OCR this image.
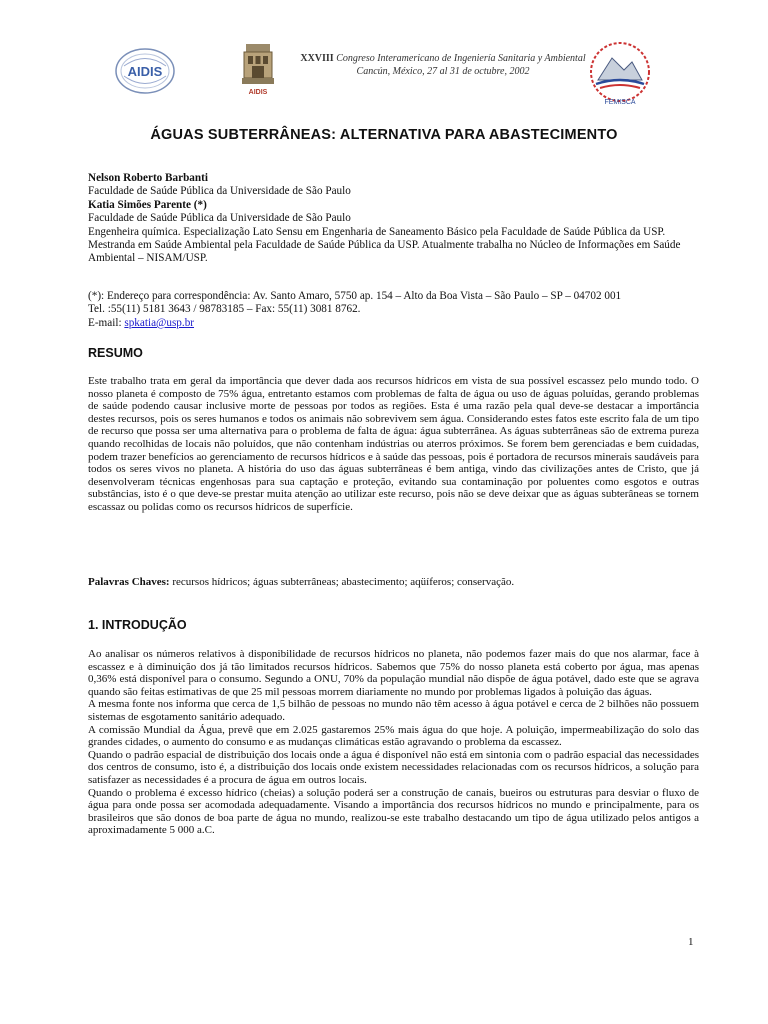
AIDIS
AIDIS
XXVIII Congreso Interamericano de Ingeniería Sanitaria y Ambiental
Cancún, México, 27 al 31 de octubre, 2002
FEMISCA
ÁGUAS SUBTERRÂNEAS: ALTERNATIVA PARA ABASTECIMENTO
Nelson Roberto Barbanti
Faculdade de Saúde Pública da Universidade de São Paulo
Katia Simões Parente (*)
Faculdade de Saúde Pública da Universidade de São Paulo
Engenheira química. Especialização Lato Sensu em Engenharia de Saneamento Básico pela Faculdade de Saúde Pública da USP. Mestranda em Saúde Ambiental pela Faculdade de Saúde Pública da USP. Atualmente trabalha no Núcleo de Informações em Saúde Ambiental – NISAM/USP.
(*): Endereço para correspondência: Av. Santo Amaro, 5750 ap. 154 – Alto da Boa Vista – São Paulo – SP – 04702 001
Tel. :55(11) 5181 3643 / 98783185 – Fax: 55(11) 3081 8762.
E-mail: spkatia@usp.br
RESUMO
Este trabalho trata em geral da importância que dever dada aos recursos hídricos em vista de sua possível escassez pelo mundo todo. O nosso planeta é composto de 75% água, entretanto estamos com problemas de falta de água ou uso de águas poluídas, gerando problemas de saúde podendo causar inclusive morte de pessoas por todos as regiões. Esta é uma razão pela qual deve-se destacar a importância destes recursos, pois os seres humanos e todos os animais não sobrevivem sem água. Considerando estes fatos este escrito fala de um tipo de recurso que possa ser uma alternativa para o problema de falta de água: água subterrânea. As águas subterrâneas são de extrema pureza quando recolhidas de locais não poluídos, que não contenham indústrias ou aterros próximos. Se forem bem gerenciadas e bem cuidadas, podem trazer benefícios ao gerenciamento de recursos hídricos e à saúde das pessoas, pois é portadora de recursos minerais saudáveis para todos os seres vivos no planeta. A história do uso das águas subterrâneas é bem antiga, vindo das civilizações antes de Cristo, que já desenvolveram técnicas engenhosas para sua captação e proteção, evitando sua contaminação por poluentes como esgotos e outras substâncias, isto é o que deve-se prestar muita atenção ao utilizar este recurso, pois não se deve deixar que as águas subterâneas se tornem escassaz ou polidas como os recursos hídricos de superfície.
Palavras Chaves: recursos hídricos; águas subterrâneas; abastecimento; aqüíferos; conservação.
1. INTRODUÇÃO

Ao analisar os números relativos à disponibilidade de recursos hídricos no planeta, não podemos fazer mais do que nos alarmar, face à escassez e à diminuição dos já tão limitados recursos hídricos. Sabemos que 75% do nosso planeta está coberto por água, mas apenas 0,36% está disponível para o consumo. Segundo a ONU, 70% da população mundial não dispõe de água potável, dado este que se agrava quando são feitas estimativas de que 25 mil pessoas morrem diariamente no mundo por problemas ligados à poluição das águas.

A mesma fonte nos informa que cerca de 1,5 bilhão de pessoas no mundo não têm acesso à água potável e cerca de 2 bilhões não possuem sistemas de esgotamento sanitário adequado.

A comissão Mundial da Água, prevê que em 2.025 gastaremos 25% mais água do que hoje. A poluição, impermeabilização do solo das grandes cidades, o aumento do consumo e as mudanças climáticas estão agravando o problema da escassez.

Quando o padrão espacial de distribuição dos locais onde a água é disponível não está em sintonia com o padrão espacial das necessidades dos centros de consumo, isto é, a distribuição dos locais onde existem necessidades relacionadas com os recursos hídricos, a solução para satisfazer as necessidades é a procura de água em outros locais.

Quando o problema é excesso hídrico (cheias) a solução poderá ser a construção de canais, bueiros ou estruturas para desviar o fluxo de água para onde possa ser acomodada adequadamente. Visando a importância dos recursos hídricos no mundo e principalmente, para os brasileiros que são donos de boa parte de água no mundo, realizou-se este trabalho destacando um tipo de água utilizado pelos antigos a aproximadamente 5 000 a.C.

1
